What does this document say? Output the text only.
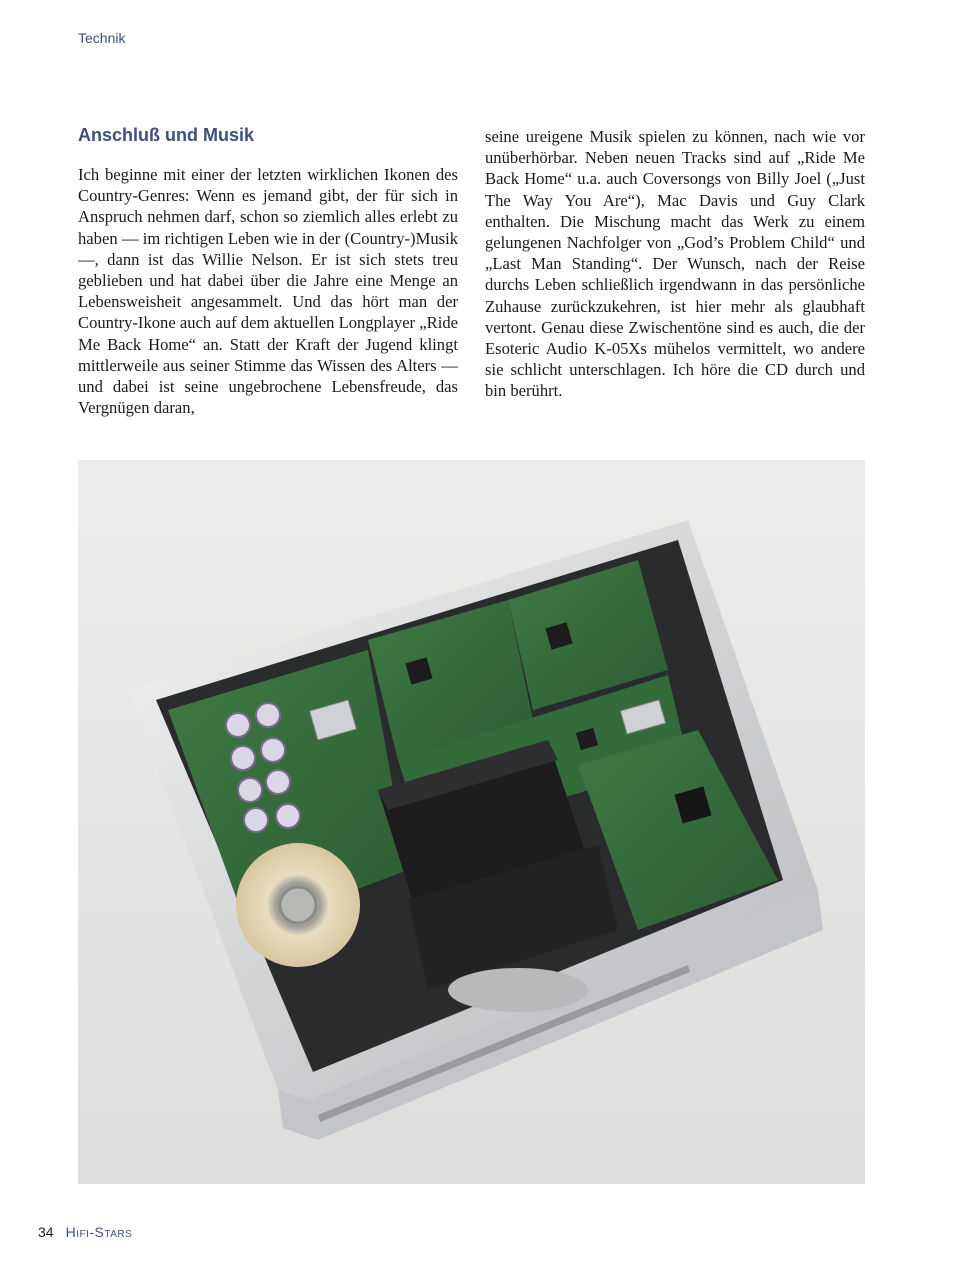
Technik
Anschluß und Musik

Ich beginne mit einer der letzten wirklichen Ikonen des Country-Genres: Wenn es jemand gibt, der für sich in Anspruch nehmen darf, schon so ziemlich alles erlebt zu haben — im richtigen Leben wie in der (Country-)Musik —, dann ist das Willie Nelson. Er ist sich stets treu geblieben und hat dabei über die Jahre eine Menge an Lebensweisheit angesammelt. Und das hört man der Country-Ikone auch auf dem aktuellen Longplayer „Ride Me Back Home“ an. Statt der Kraft der Jugend klingt mittlerweile aus seiner Stimme das Wissen des Alters — und dabei ist seine ungebrochene Lebensfreude, das Vergnügen daran,

seine ureigene Musik spielen zu können, nach wie vor unüberhörbar. Neben neuen Tracks sind auf „Ride Me Back Home“ u.a. auch Coversongs von Billy Joel („Just The Way You Are“), Mac Davis und Guy Clark enthalten. Die Mischung macht das Werk zu einem gelungenen Nachfolger von „God’s Problem Child“ und „Last Man Standing“. Der Wunsch, nach der Reise durchs Leben schließlich irgendwann in das persönliche Zuhause zurückzukehren, ist hier mehr als glaubhaft vertont. Genau diese Zwischentöne sind es auch, die der Esoteric Audio K-05Xs mühelos vermittelt, wo andere sie schlicht unterschlagen. Ich höre die CD durch und bin berührt.

34 Hifi-Stars
